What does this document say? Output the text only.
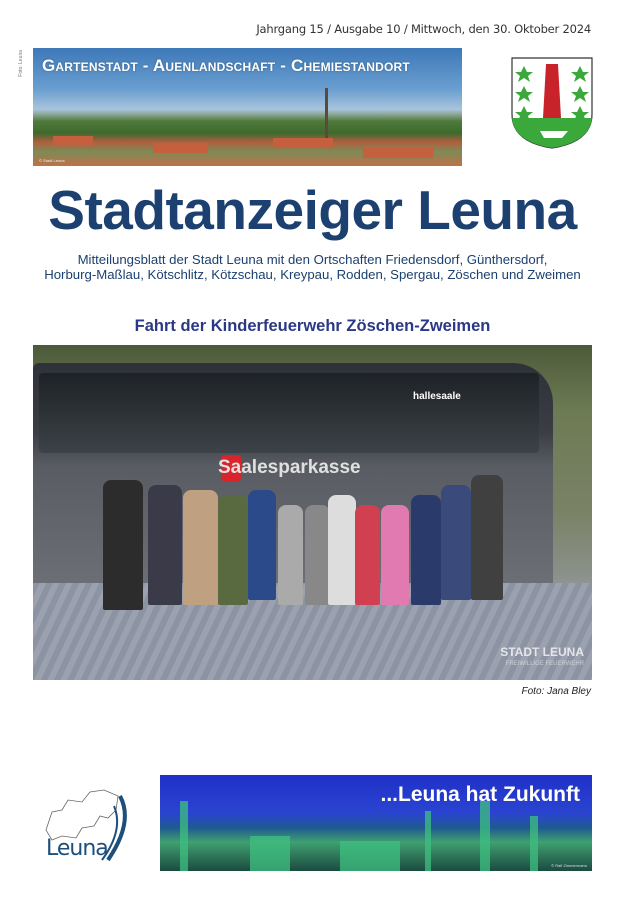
Jahrgang 15 / Ausgabe 10 / Mittwoch, den 30. Oktober 2024
Foto: Leuna Gartenstadt - Auenlandschaft - Chemiestandort
© Stadt Leuna
Stadtanzeiger Leuna
Mitteilungsblatt der Stadt Leuna mit den Ortschaften Friedensdorf, Günthersdorf,
Horburg-Maßlau, Kötschlitz, Kötzschau, Kreypau, Rodden, Spergau, Zöschen und Zweimen
Fahrt der Kinderfeuerwehr Zöschen-Zweimen
hallesaale
Saalesparkasse
STADT LEUNA
FREIWILLIGE FEUERWEHR
Foto: Jana Bley
Leuna
...Leuna hat Zukunft
© Ralf Zimmermann
